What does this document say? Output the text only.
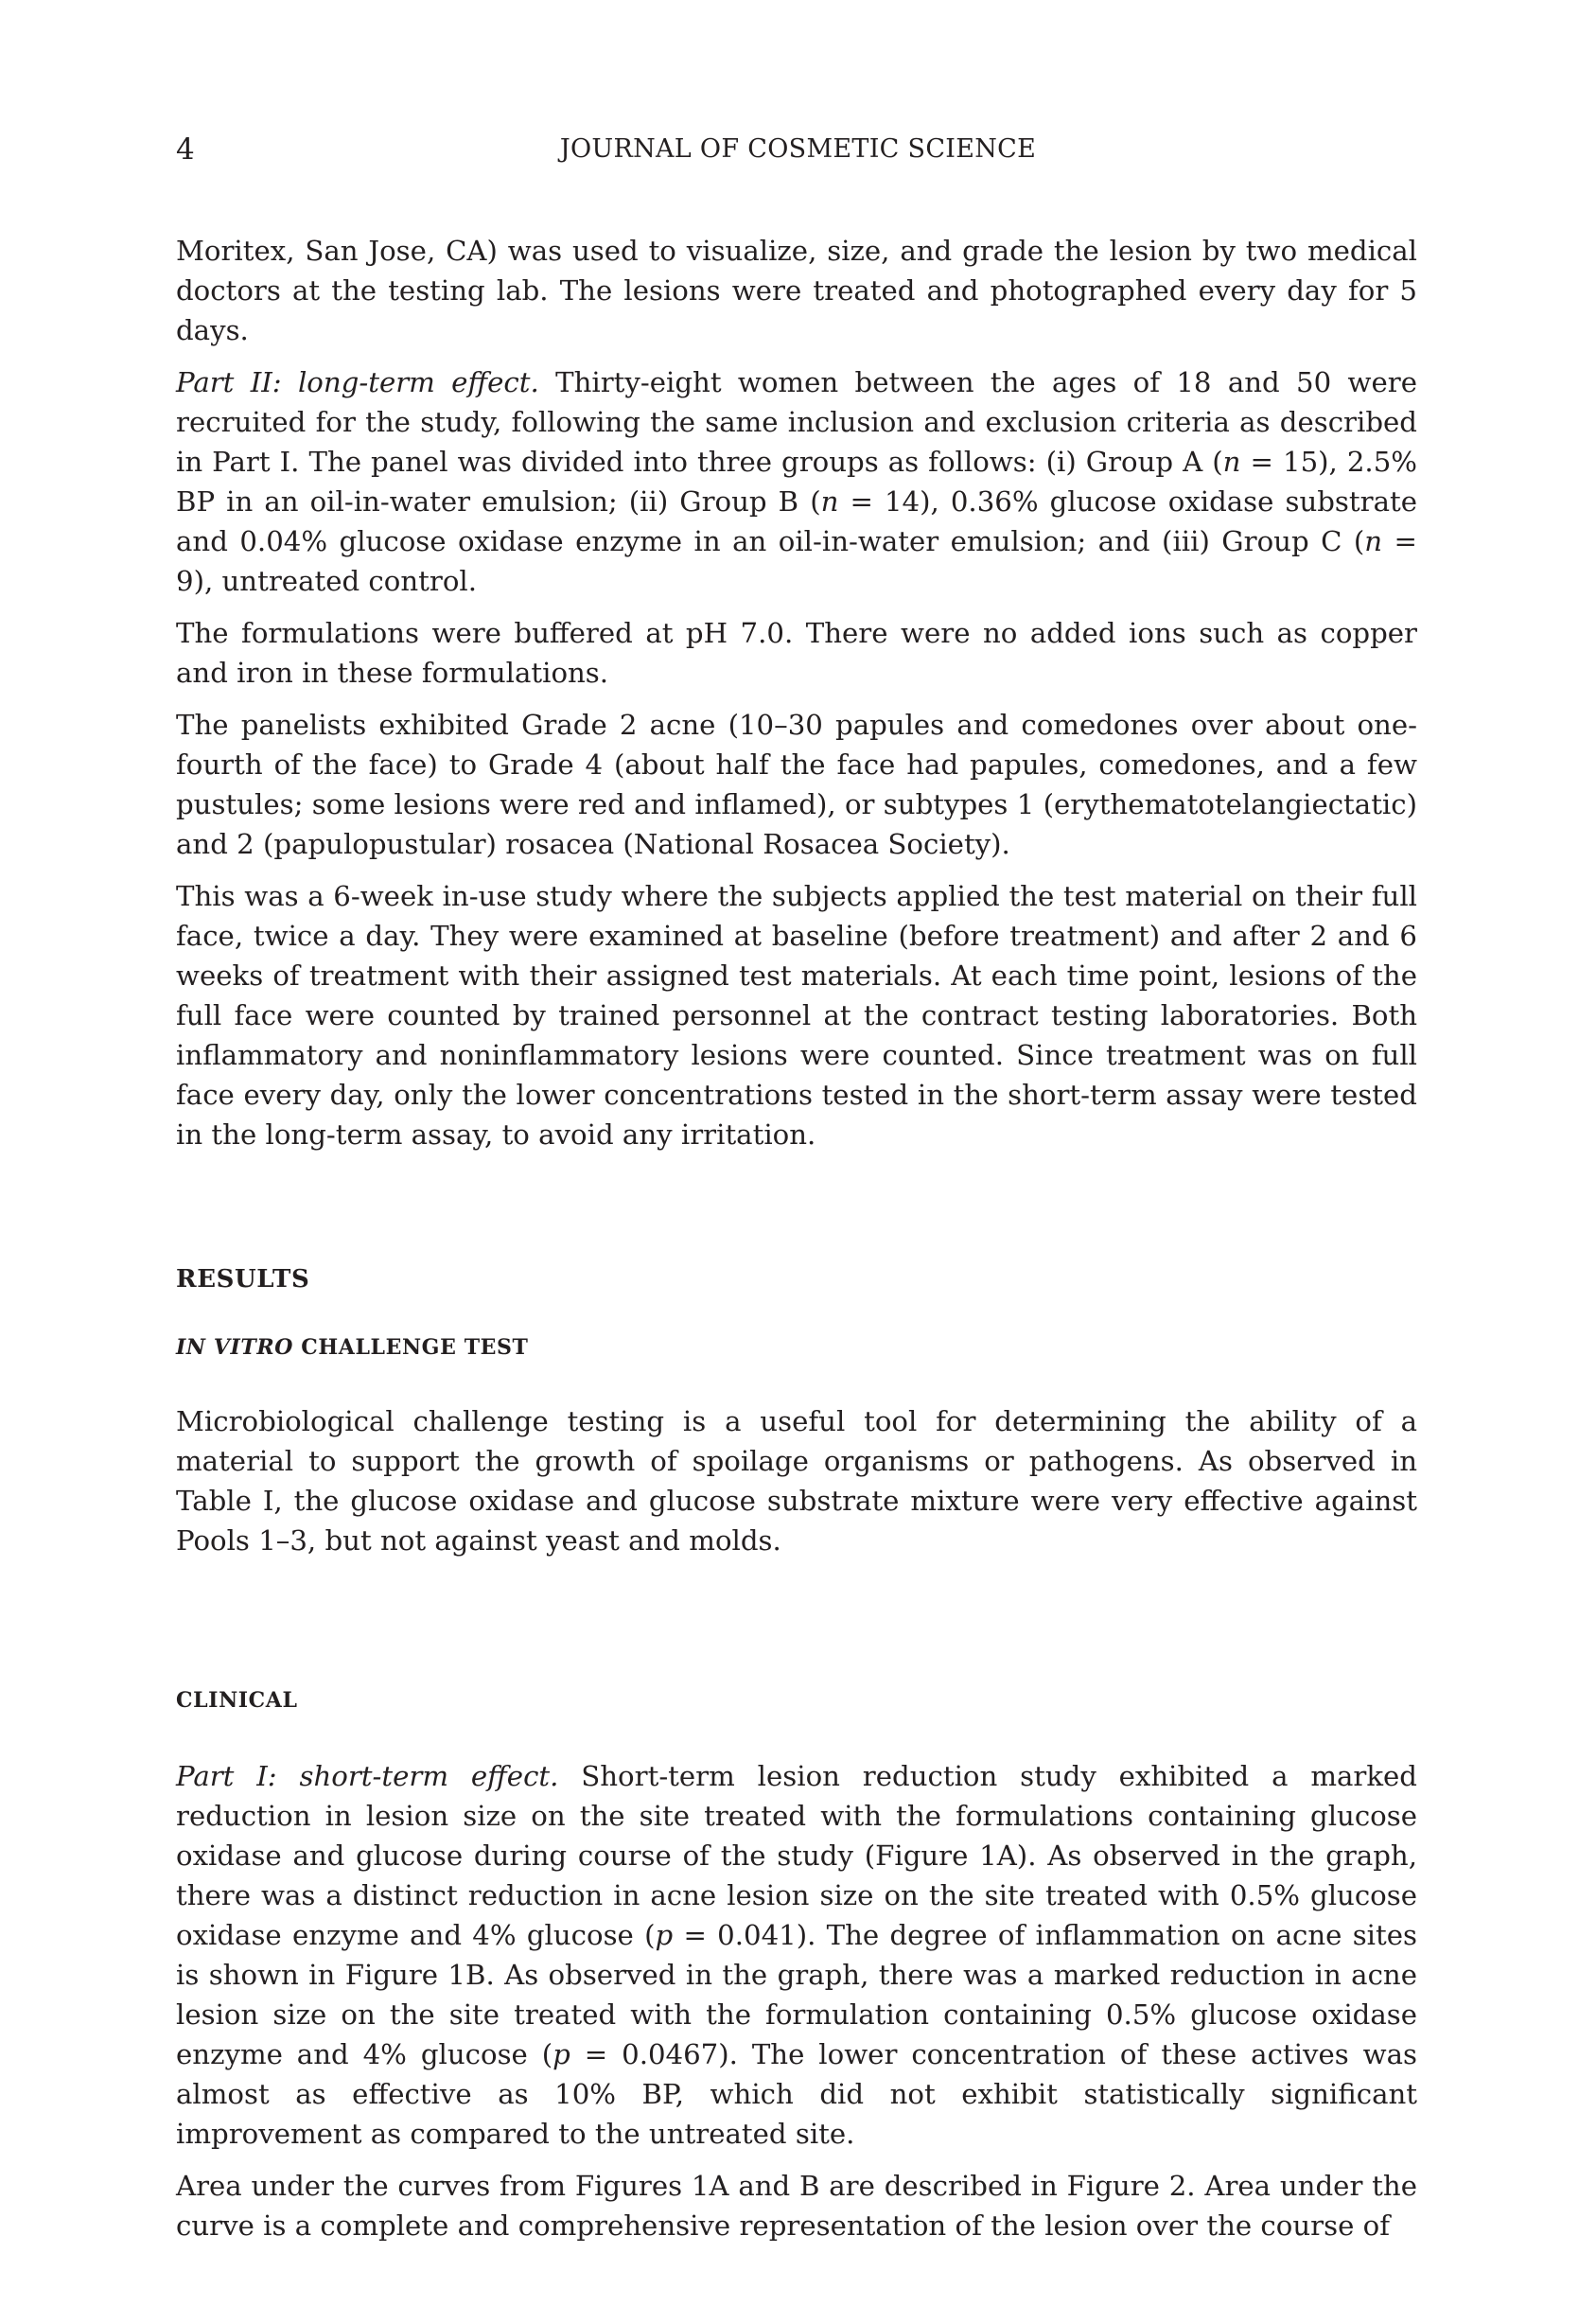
4	JOURNAL OF COSMETIC SCIENCE

Moritex, San Jose, CA) was used to visualize, size, and grade the lesion by two medical doctors at the testing lab. The lesions were treated and photographed every day for 5 days.

Part II: long-term effect. Thirty-eight women between the ages of 18 and 50 were recruited for the study, following the same inclusion and exclusion criteria as described in Part I. The panel was divided into three groups as follows: (i) Group A (n = 15), 2.5% BP in an oil-in-water emulsion; (ii) Group B (n = 14), 0.36% glucose oxidase substrate and 0.04% glucose oxidase enzyme in an oil-in-water emulsion; and (iii) Group C (n = 9), untreated control.

The formulations were buffered at pH 7.0. There were no added ions such as copper and iron in these formulations.

The panelists exhibited Grade 2 acne (10–30 papules and comedones over about one-fourth of the face) to Grade 4 (about half the face had papules, comedones, and a few pustules; some lesions were red and inflamed), or subtypes 1 (erythematotelangiectatic) and 2 (papulopustular) rosacea (National Rosacea Society).

This was a 6-week in-use study where the subjects applied the test material on their full face, twice a day. They were examined at baseline (before treatment) and after 2 and 6 weeks of treatment with their assigned test materials. At each time point, lesions of the full face were counted by trained personnel at the contract testing laboratories. Both inflammatory and noninflammatory lesions were counted. Since treatment was on full face every day, only the lower concentrations tested in the short-term assay were tested in the long-term assay, to avoid any irritation.

RESULTS
IN VITRO CHALLENGE TEST

Microbiological challenge testing is a useful tool for determining the ability of a material to support the growth of spoilage organisms or pathogens. As observed in Table I, the glucose oxidase and glucose substrate mixture were very effective against Pools 1–3, but not against yeast and molds.

CLINICAL

Part I: short-term effect. Short-term lesion reduction study exhibited a marked reduction in lesion size on the site treated with the formulations containing glucose oxidase and glucose during course of the study (Figure 1A). As observed in the graph, there was a distinct reduction in acne lesion size on the site treated with 0.5% glucose oxidase enzyme and 4% glucose (p = 0.041). The degree of inflammation on acne sites is shown in Figure 1B. As observed in the graph, there was a marked reduction in acne lesion size on the site treated with the formulation containing 0.5% glucose oxidase enzyme and 4% glucose (p = 0.0467). The lower concentration of these actives was almost as effective as 10% BP, which did not exhibit statistically significant improvement as compared to the untreated site.

Area under the curves from Figures 1A and B are described in Figure 2. Area under the curve is a complete and comprehensive representation of the lesion over the course of
